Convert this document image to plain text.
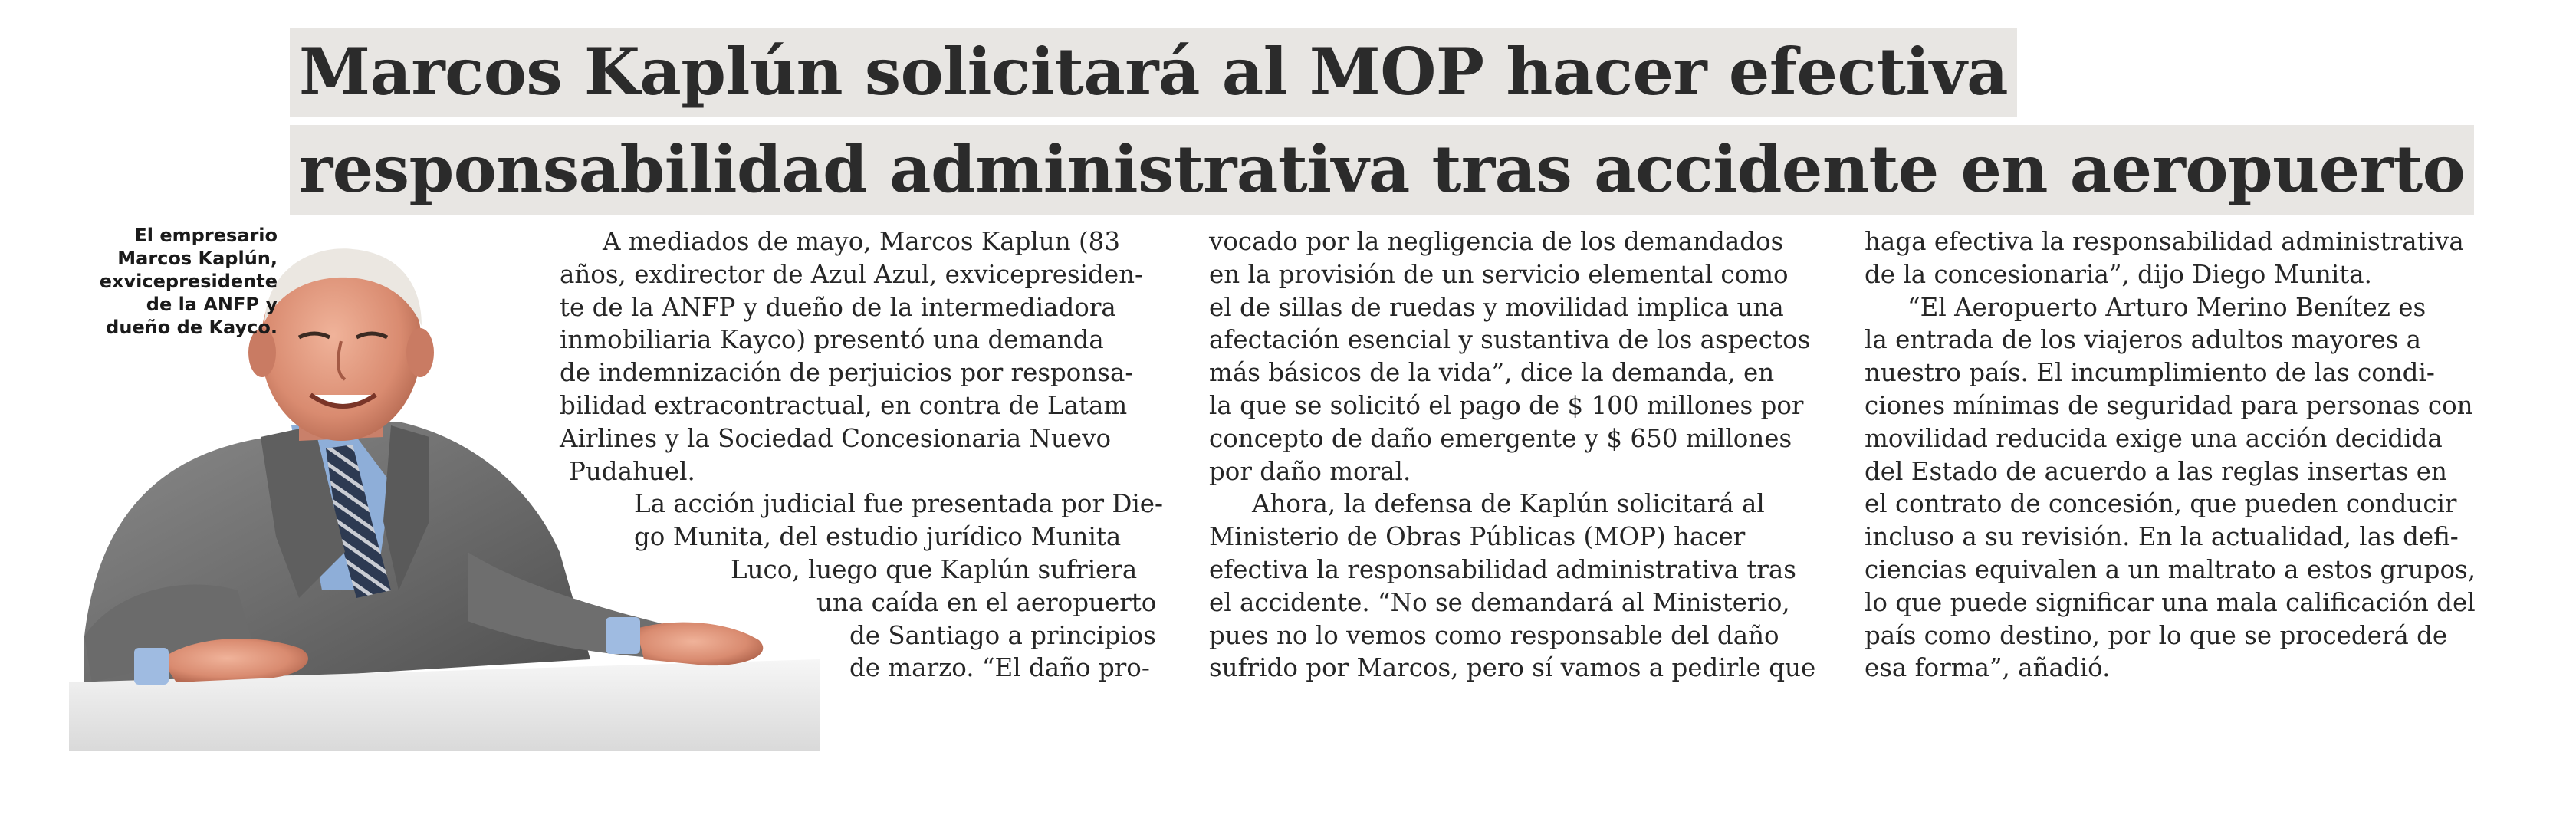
Marcos Kaplún solicitará al MOP hacer efectiva
responsabilidad administrativa tras accidente en aeropuerto
El empresario
Marcos Kaplún,
exvicepresidente
de la ANFP y
dueño de Kayco.
A mediados de mayo, Marcos Kaplun (83
años, exdirector de Azul Azul, exvicepresiden-
te de la ANFP y dueño de la intermediadora
inmobiliaria Kayco) presentó una demanda
de indemnización de perjuicios por responsa-
bilidad extracontractual, en contra de Latam
Airlines y la Sociedad Concesionaria Nuevo
Pudahuel.
La acción judicial fue presentada por Die-
go Munita, del estudio jurídico Munita
Luco, luego que Kaplún sufriera
una caída en el aeropuerto
de Santiago a principios
de marzo. “El daño pro-
vocado por la negligencia de los demandados
en la provisión de un servicio elemental como
el de sillas de ruedas y movilidad implica una
afectación esencial y sustantiva de los aspectos
más básicos de la vida”, dice la demanda, en
la que se solicitó el pago de $ 100 millones por
concepto de daño emergente y $ 650 millones
por daño moral.
Ahora, la defensa de Kaplún solicitará al
Ministerio de Obras Públicas (MOP) hacer
efectiva la responsabilidad administrativa tras
el accidente. “No se demandará al Ministerio,
pues no lo vemos como responsable del daño
sufrido por Marcos, pero sí vamos a pedirle que
haga efectiva la responsabilidad administrativa
de la concesionaria”, dijo Diego Munita.
“El Aeropuerto Arturo Merino Benítez es
la entrada de los viajeros adultos mayores a
nuestro país. El incumplimiento de las condi-
ciones mínimas de seguridad para personas con
movilidad reducida exige una acción decidida
del Estado de acuerdo a las reglas insertas en
el contrato de concesión, que pueden conducir
incluso a su revisión. En la actualidad, las defi-
ciencias equivalen a un maltrato a estos grupos,
lo que puede significar una mala calificación del
país como destino, por lo que se procederá de
esa forma”, añadió.
